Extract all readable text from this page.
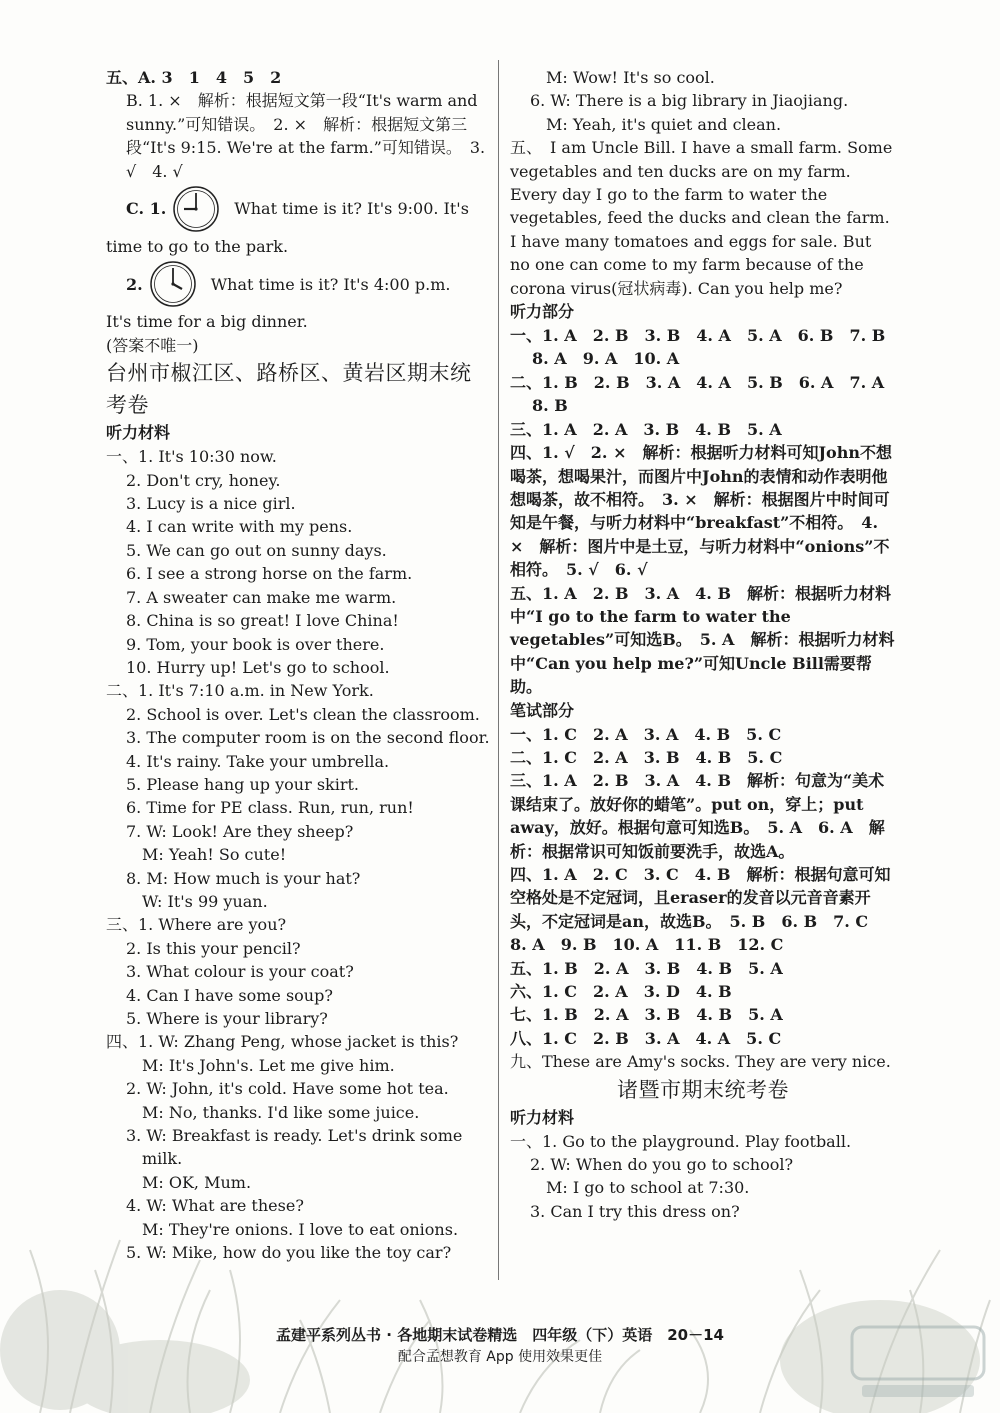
五、A. 3　1　4　5　2
B. 1. ×　解析：根据短文第一段“It's warm and sunny.”可知错误。　2. ×　解析：根据短文第三段“It's 9:15. We're at the farm.”可知错误。　3. √　4. √
C. 1.	What time is it? It's 9:00. It's
time to go to the park.
2.	What time is it? It's 4:00 p.m.
It's time for a big dinner.
(答案不唯一)
台州市椒江区、路桥区、黄岩区期末统考卷
听力材料
一、1. It's 10:30 now.
2. Don't cry, honey.
3. Lucy is a nice girl.
4. I can write with my pens.
5. We can go out on sunny days.
6. I see a strong horse on the farm.
7. A sweater can make me warm.
8. China is so great! I love China!
9. Tom, your book is over there.
10. Hurry up! Let's go to school.
二、1. It's 7:10 a.m. in New York.
2. School is over. Let's clean the classroom.
3. The computer room is on the second floor.
4. It's rainy. Take your umbrella.
5. Please hang up your skirt.
6. Time for PE class. Run, run, run!
7. W: Look! Are they sheep?
M: Yeah! So cute!
8. M: How much is your hat?
W: It's 99 yuan.
三、1. Where are you?
2. Is this your pencil?
3. What colour is your coat?
4. Can I have some soup?
5. Where is your library?
四、1. W: Zhang Peng, whose jacket is this?
M: It's John's. Let me give him.
2. W: John, it's cold. Have some hot tea.
M: No, thanks. I'd like some juice.
3. W: Breakfast is ready. Let's drink some
milk.
M: OK, Mum.
4. W: What are these?
M: They're onions. I love to eat onions.
5. W: Mike, how do you like the toy car?
M: Wow! It's so cool.
6. W: There is a big library in Jiaojiang.
M: Yeah, it's quiet and clean.
五、　I am Uncle Bill. I have a small farm. Some vegetables and ten ducks are on my farm. Every day I go to the farm to water the vegetables, feed the ducks and clean the farm. I have many tomatoes and eggs for sale. But no one can come to my farm because of the corona virus(冠状病毒). Can you help me?
听力部分
一、1. A　2. B　3. B　4. A　5. A　6. B　7. B
8. A　9. A　10. A
二、1. B　2. B　3. A　4. A　5. B　6. A　7. A
8. B
三、1. A　2. A　3. B　4. B　5. A
四、1. √　2. ×　解析：根据听力材料可知John不想喝茶，想喝果汁，而图片中John的表情和动作表明他想喝茶，故不相符。　3. ×　解析：根据图片中时间可知是午餐，与听力材料中“breakfast”不相符。　4. ×　解析：图片中是土豆，与听力材料中“onions”不相符。　5. √　6. √
五、1. A　2. B　3. A　4. B　解析：根据听力材料中“I go to the farm to water the vegetables”可知选B。　5. A　解析：根据听力材料中“Can you help me?”可知Uncle Bill需要帮助。
笔试部分
一、1. C　2. A　3. A　4. B　5. C
二、1. C　2. A　3. B　4. B　5. C
三、1. A　2. B　3. A　4. B　解析：句意为“美术课结束了。放好你的蜡笔”。put on，穿上；put away，放好。根据句意可知选B。　5. A　6. A　解析：根据常识可知饭前要洗手，故选A。
四、1. A　2. C　3. C　4. B　解析：根据句意可知空格处是不定冠词，且eraser的发音以元音音素开头，不定冠词是an，故选B。　5. B　6. B　7. C　8. A　9. B　10. A　11. B　12. C
五、1. B　2. A　3. B　4. B　5. A
六、1. C　2. A　3. D　4. B
七、1. B　2. A　3. B　4. B　5. A
八、1. C　2. B　3. A　4. A　5. C
九、These are Amy's socks. They are very nice.
诸暨市期末统考卷
听力材料
一、1. Go to the playground. Play football.
2. W: When do you go to school?
M: I go to school at 7:30.
3. Can I try this dress on?
孟建平系列丛书 · 各地期末试卷精选　四年级（下）英语　20－14
配合孟想教育 App 使用效果更佳
